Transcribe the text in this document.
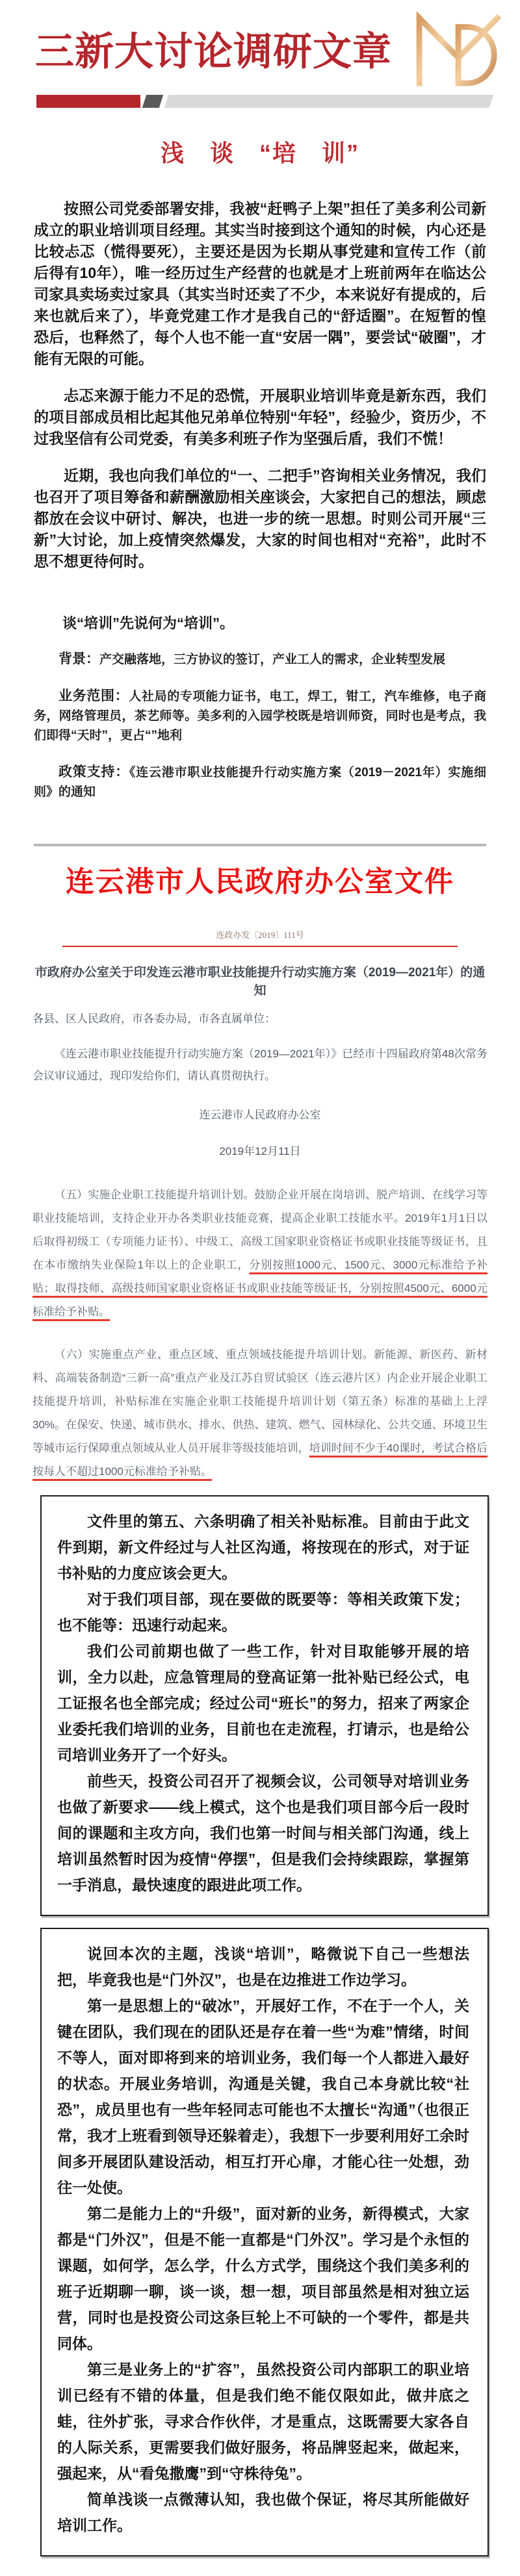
三新大讨论调研文章
浅　谈　“培　训”

按照公司党委部署安排，我被“赶鸭子上架”担任了美多利公司新成立的职业培训项目经理。其实当时接到这个通知的时候，内心还是比较忐忑（慌得要死），主要还是因为长期从事党建和宣传工作（前后得有10年），唯一经历过生产经营的也就是才上班前两年在临达公司家具卖场卖过家具（其实当时还卖了不少，本来说好有提成的，后来也就后来了），毕竟党建工作才是我自己的“舒适圈”。在短暂的惶恐后，也释然了，每个人也不能一直“安居一隅”，要尝试“破圈”，才能有无限的可能。

忐忑来源于能力不足的恐慌，开展职业培训毕竟是新东西，我们的项目部成员相比起其他兄弟单位特别“年轻”，经验少，资历少，不过我坚信有公司党委，有美多利班子作为坚强后盾，我们不慌！

近期，我也向我们单位的“一、二把手”咨询相关业务情况，我们也召开了项目筹备和薪酬激励相关座谈会，大家把自己的想法，顾虑都放在会议中研讨、解决，也进一步的统一思想。时则公司开展“三新”大讨论，加上疫情突然爆发，大家的时间也相对“充裕”，此时不思不想更待何时。

谈“培训”先说何为“培训”。

背景：产交融落地，三方协议的签订，产业工人的需求，企业转型发展

业务范围：人社局的专项能力证书，电工，焊工，钳工，汽车维修，电子商务，网络管理员，茶艺师等。美多利的入园学校既是培训师资，同时也是考点，我们即得“天时”，更占“”地利

政策支持：《连云港市职业技能提升行动实施方案（2019－2021年）实施细则》的通知

连云港市人民政府办公室文件
连政办发〔2019〕111号
市政府办公室关于印发连云港市职业技能提升行动实施方案（2019—2021年）的通知
各县、区人民政府，市各委办局，市各直属单位：
《连云港市职业技能提升行动实施方案（2019—2021年）》已经市十四届政府第48次常务会议审议通过，现印发给你们，请认真贯彻执行。
连云港市人民政府办公室
2019年12月11日

（五）实施企业职工技能提升培训计划。鼓励企业开展在岗培训、脱产培训、在线学习等职业技能培训，支持企业开办各类职业技能竞赛，提高企业职工技能水平。2019年1月1日以后取得初级工（专项能力证书）、中级工、高级工国家职业资格证书或职业技能等级证书，且在本市缴纳失业保险1年以上的企业职工，分别按照1000元、1500元、3000元标准给予补贴；取得技师、高级技师国家职业资格证书或职业技能等级证书，分别按照4500元、6000元标准给予补贴。

（六）实施重点产业、重点区域、重点领域技能提升培训计划。新能源、新医药、新材料、高端装备制造“三新一高”重点产业及江苏自贸试验区（连云港片区）内企业开展企业职工技能提升培训，补贴标准在实施企业职工技能提升培训计划（第五条）标准的基础上上浮30%。在保安、快递、城市供水、排水、供热、建筑、燃气、园林绿化、公共交通、环境卫生等城市运行保障重点领域从业人员开展非等级技能培训，培训时间不少于40课时，考试合格后按每人不超过1000元标准给予补贴。

文件里的第五、六条明确了相关补贴标准。目前由于此文件到期，新文件经过与人社区沟通，将按现在的形式，对于证书补贴的力度应该会更大。

对于我们项目部，现在要做的既要等：等相关政策下发；也不能等：迅速行动起来。

我们公司前期也做了一些工作，针对目取能够开展的培训，全力以赴，应急管理局的登高证第一批补贴已经公式，电工证报名也全部完成；经过公司“班长”的努力，招来了两家企业委托我们培训的业务，目前也在走流程，打请示，也是给公司培训业务开了一个好头。

前些天，投资公司召开了视频会议，公司领导对培训业务也做了新要求——线上模式，这个也是我们项目部今后一段时间的课题和主攻方向，我们也第一时间与相关部门沟通，线上培训虽然暂时因为疫情“停摆”，但是我们会持续跟踪，掌握第一手消息，最快速度的跟进此项工作。

说回本次的主题，浅谈“培训”，略微说下自己一些想法把，毕竟我也是“门外汉”，也是在边推进工作边学习。

第一是思想上的“破冰”，开展好工作，不在于一个人，关键在团队，我们现在的团队还是存在着一些“为难”情绪，时间不等人，面对即将到来的培训业务，我们每一个人都进入最好的状态。开展业务培训，沟通是关键，我自己本身就比较“社恐”，成员里也有一些年轻同志可能也不太擅长“沟通”（也很正常，我才上班看到领导还躲着走），我想下一步要利用好工余时间多开展团队建设活动，相互打开心扉，才能心往一处想，劲往一处使。

第二是能力上的“升级”，面对新的业务，新得模式，大家都是“门外汉”，但是不能一直都是“门外汉”。学习是个永恒的课题，如何学，怎么学，什么方式学，围绕这个我们美多利的班子近期聊一聊，谈一谈，想一想，项目部虽然是相对独立运营，同时也是投资公司这条巨轮上不可缺的一个零件，都是共同体。

第三是业务上的“扩容”，虽然投资公司内部职工的职业培训已经有不错的体量，但是我们绝不能仅限如此，做井底之蛙，往外扩张，寻求合作伙伴，才是重点，这既需要大家各自的人际关系，更需要我们做好服务，将品牌竖起来，做起来，强起来，从“看兔撒鹰”到“守株待兔”。

简单浅谈一点微薄认知，我也做个保证，将尽其所能做好培训工作。
